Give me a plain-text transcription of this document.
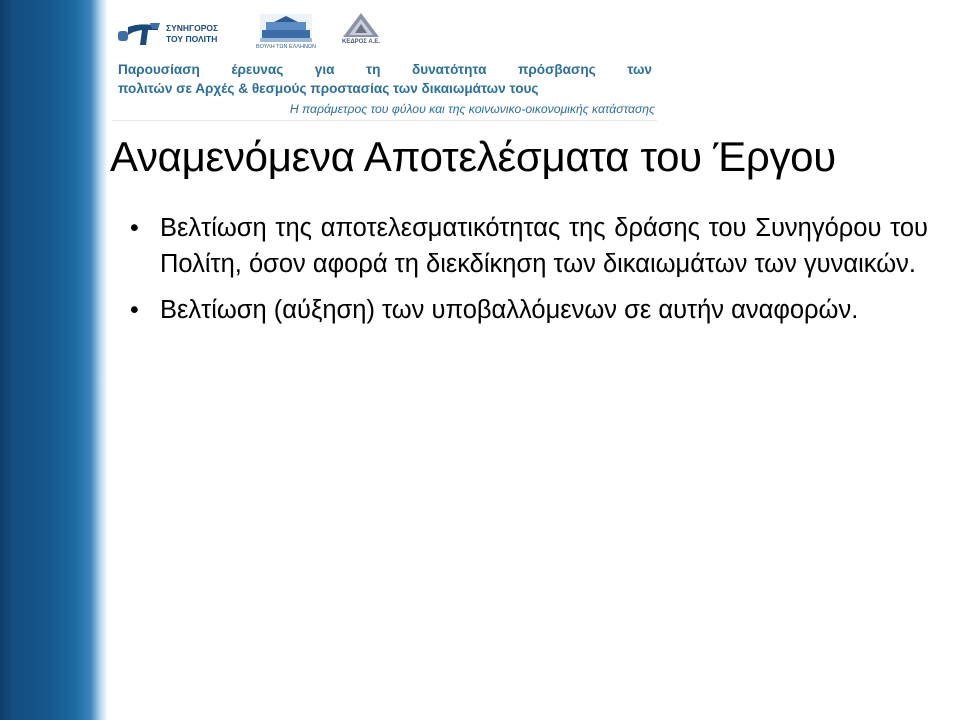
ΣΥΝΗΓΟΡΟΣ
ΤΟΥ ΠΟΛΙΤΗ
ΒΟΥΛΗ ΤΩΝ ΕΛΛΗΝΩΝ
ΚΕΔΡΟΣ Α.Ε.
Παρουσίαση έρευνας για τη δυνατότητα πρόσβασης των
πολιτών σε Αρχές & θεσμούς προστασίας των δικαιωμάτων τους
Η παράμετρος του φύλου και της κοινωνικο-οικονομικής κατάστασης
Αναμενόμενα Αποτελέσματα του Έργου
• Βελτίωση της αποτελεσματικότητας της δράσης του Συνηγόρου του Πολίτη, όσον αφορά τη διεκδίκηση των δικαιωμάτων των γυναικών.
• Βελτίωση (αύξηση) των υποβαλλόμενων σε αυτήν αναφορών.
